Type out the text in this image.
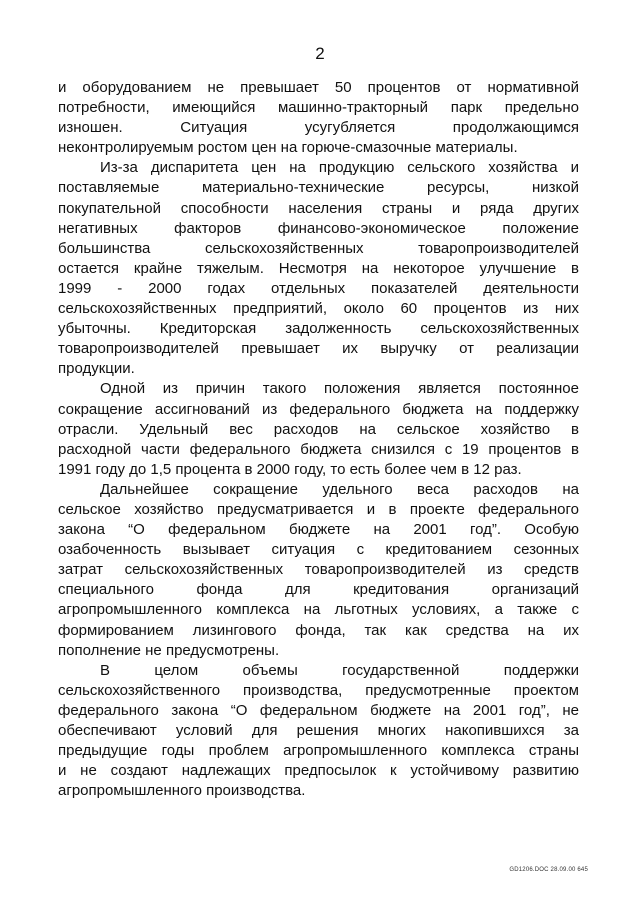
2

и оборудованием не превышает 50 процентов от нормативной
потребности, имеющийся машинно-тракторный парк предельно
изношен. Ситуация усугубляется продолжающимся
неконтролируемым ростом цен на горюче-смазочные материалы.

Из-за диспаритета цен на продукцию сельского хозяйства и
поставляемые материально-технические ресурсы, низкой
покупательной способности населения страны и ряда других
негативных факторов финансово-экономическое положение
большинства сельскохозяйственных товаропроизводителей
остается крайне тяжелым. Несмотря на некоторое улучшение в
1999 - 2000 годах отдельных показателей деятельности
сельскохозяйственных предприятий, около 60 процентов из них
убыточны. Кредиторская задолженность сельскохозяйственных
товаропроизводителей превышает их выручку от реализации
продукции.

Одной из причин такого положения является постоянное
сокращение ассигнований из федерального бюджета на поддержку
отрасли. Удельный вес расходов на сельское хозяйство в
расходной части федерального бюджета снизился с 19 процентов в
1991 году до 1,5 процента в 2000 году, то есть более чем в 12 раз.

Дальнейшее сокращение удельного веса расходов на
сельское хозяйство предусматривается и в проекте федерального
закона “О федеральном бюджете на 2001 год”. Особую
озабоченность вызывает ситуация с кредитованием сезонных
затрат сельскохозяйственных товаропроизводителей из средств
специального фонда для кредитования организаций
агропромышленного комплекса на льготных условиях, а также с
формированием лизингового фонда, так как средства на их
пополнение не предусмотрены.

В целом объемы государственной поддержки
сельскохозяйственного производства, предусмотренные проектом
федерального закона “О федеральном бюджете на 2001 год”, не
обеспечивают условий для решения многих накопившихся за
предыдущие годы проблем агропромышленного комплекса страны
и не создают надлежащих предпосылок к устойчивому развитию
агропромышленного производства.

GD1206.DOC 28.09.00 645
